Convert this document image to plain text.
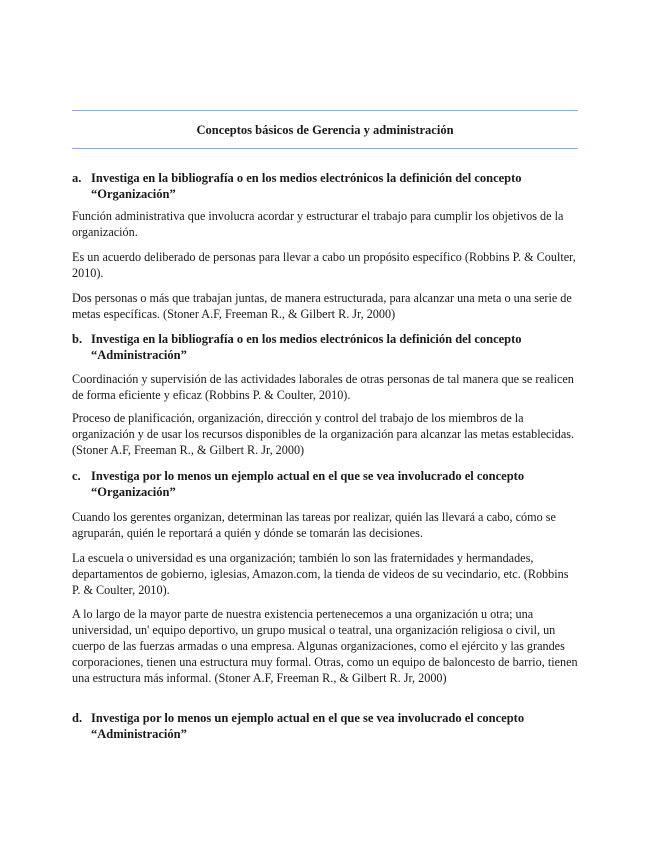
Conceptos básicos de Gerencia y administración
a. Investiga en la bibliografía o en los medios electrónicos la definición del concepto “Organización”

Función administrativa que involucra acordar y estructurar el trabajo para cumplir los objetivos de la organización.

Es un acuerdo deliberado de personas para llevar a cabo un propósito específico (Robbins P. & Coulter, 2010).

Dos personas o más que trabajan juntas, de manera estructurada, para alcanzar una meta o una serie de metas específicas. (Stoner A.F, Freeman R., & Gilbert R. Jr, 2000)

b. Investiga en la bibliografía o en los medios electrónicos la definición del concepto “Administración”

Coordinación y supervisión de las actividades laborales de otras personas de tal manera que se realicen de forma eficiente y eficaz (Robbins P. & Coulter, 2010).

Proceso de planificación, organización, dirección y control del trabajo de los miembros de la organización y de usar los recursos disponibles de la organización para alcanzar las metas establecidas. (Stoner A.F, Freeman R., & Gilbert R. Jr, 2000)

c. Investiga por lo menos un ejemplo actual en el que se vea involucrado el concepto “Organización”

Cuando los gerentes organizan, determinan las tareas por realizar, quién las llevará a cabo, cómo se agruparán, quién le reportará a quién y dónde se tomarán las decisiones.

La escuela o universidad es una organización; también lo son las fraternidades y hermandades, departamentos de gobierno, iglesias, Amazon.com, la tienda de videos de su vecindario, etc. (Robbins P. & Coulter, 2010).

A lo largo de la mayor parte de nuestra existencia pertenecemos a una organización u otra; una universidad, un' equipo deportivo, un grupo musical o teatral, una organización religiosa o civil, un cuerpo de las fuerzas armadas o una empresa. Algunas organizaciones, como el ejército y las grandes corporaciones, tienen una estructura muy formal. Otras, como un equipo de baloncesto de barrio, tienen una estructura más informal. (Stoner A.F, Freeman R., & Gilbert R. Jr, 2000)

d. Investiga por lo menos un ejemplo actual en el que se vea involucrado el concepto “Administración”
